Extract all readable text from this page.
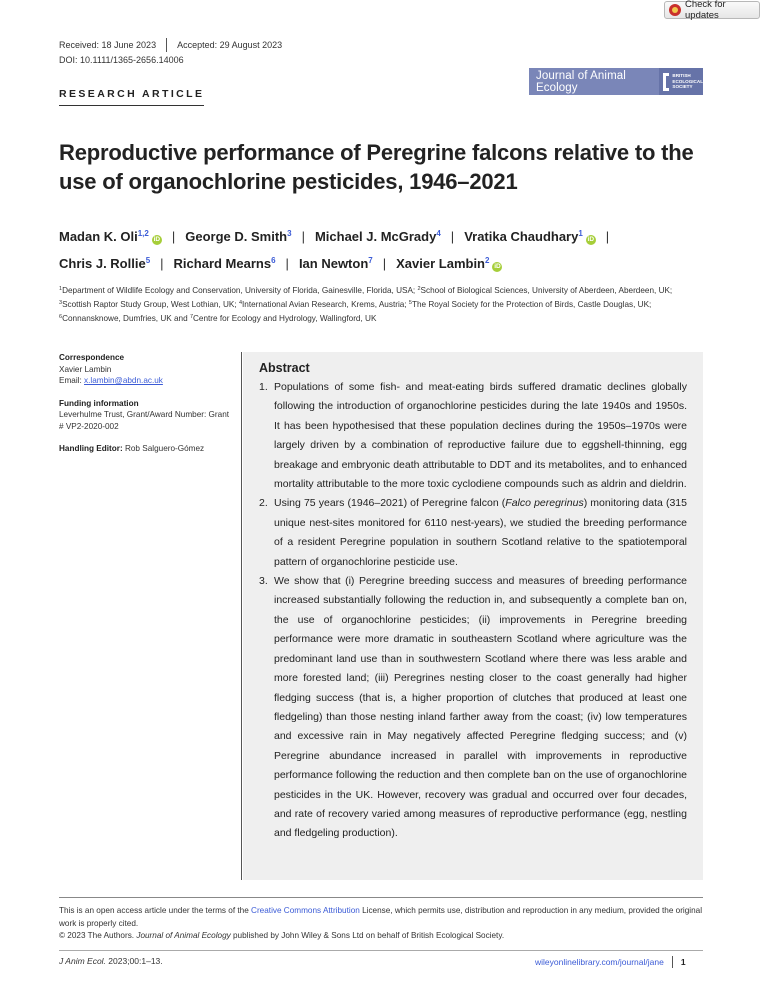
Check for updates
Received: 18 June 2023 Accepted: 29 August 2023
DOI: 10.1111/1365-2656.14006
Journal of Animal Ecology
BRITISH
ECOLOGICAL
SOCIETY
RESEARCH ARTICLE
Reproductive performance of Peregrine falcons relative to the
use of organochlorine pesticides, 1946–2021
Madan K. Oli$^{1,2}$iD | George D. Smith$^3$ | Michael J. McGrady$^4$ | Vratika Chaudhary$^1$iD |
Chris J. Rollie$^5$ | Richard Mearns$^6$ | Ian Newton$^7$ | Xavier Lambin$^2$iD
$^1$Department of Wildlife Ecology and Conservation, University of Florida, Gainesville, Florida, USA; $^2$School of Biological Sciences, University of Aberdeen, Aberdeen, UK; $^3$Scottish Raptor Study Group, West Lothian, UK; $^4$International Avian Research, Krems, Austria; $^5$The Royal Society for the Protection of Birds, Castle Douglas, UK; $^6$Connansknowe, Dumfries, UK and $^7$Centre for Ecology and Hydrology, Wallingford, UK
Correspondence
Xavier Lambin
Email: x.lambin@abdn.ac.uk
Funding information
Leverhulme Trust, Grant/Award Number: Grant # VP2-2020-002
Handling Editor: Rob Salguero-Gómez
Abstract
1. Populations of some fish- and meat-eating birds suffered dramatic declines globally following the introduction of organochlorine pesticides during the late 1940s and 1950s. It has been hypothesised that these population declines during the 1950s–1970s were largely driven by a combination of reproductive failure due to eggshell-thinning, egg breakage and embryonic death attributable to DDT and its metabolites, and to enhanced mortality attributable to the more toxic cyclodiene compounds such as aldrin and dieldrin.
2. Using 75 years (1946–2021) of Peregrine falcon (Falco peregrinus) monitoring data (315 unique nest-sites monitored for 6110 nest-years), we studied the breeding performance of a resident Peregrine population in southern Scotland relative to the spatiotemporal pattern of organochlorine pesticide use.
3. We show that (i) Peregrine breeding success and measures of breeding performance increased substantially following the reduction in, and subsequently a complete ban on, the use of organochlorine pesticides; (ii) improvements in Peregrine breeding performance were more dramatic in southeastern Scotland where agriculture was the predominant land use than in southwestern Scotland where there was less arable and more forested land; (iii) Peregrines nesting closer to the coast generally had higher fledging success (that is, a higher proportion of clutches that produced at least one fledgeling) than those nesting inland farther away from the coast; (iv) low temperatures and excessive rain in May negatively affected Peregrine fledging success; and (v) Peregrine abundance increased in parallel with improvements in reproductive performance following the reduction and then complete ban on the use of organochlorine pesticides in the UK. However, recovery was gradual and occurred over four decades, and rate of recovery varied among measures of reproductive performance (egg, nestling and fledgeling production).
This is an open access article under the terms of the Creative Commons Attribution License, which permits use, distribution and reproduction in any medium, provided the original work is properly cited.
© 2023 The Authors. Journal of Animal Ecology published by John Wiley & Sons Ltd on behalf of British Ecological Society.
J Anim Ecol. 2023;00:1–13.	wileyonlinelibrary.com/journal/jane 1
